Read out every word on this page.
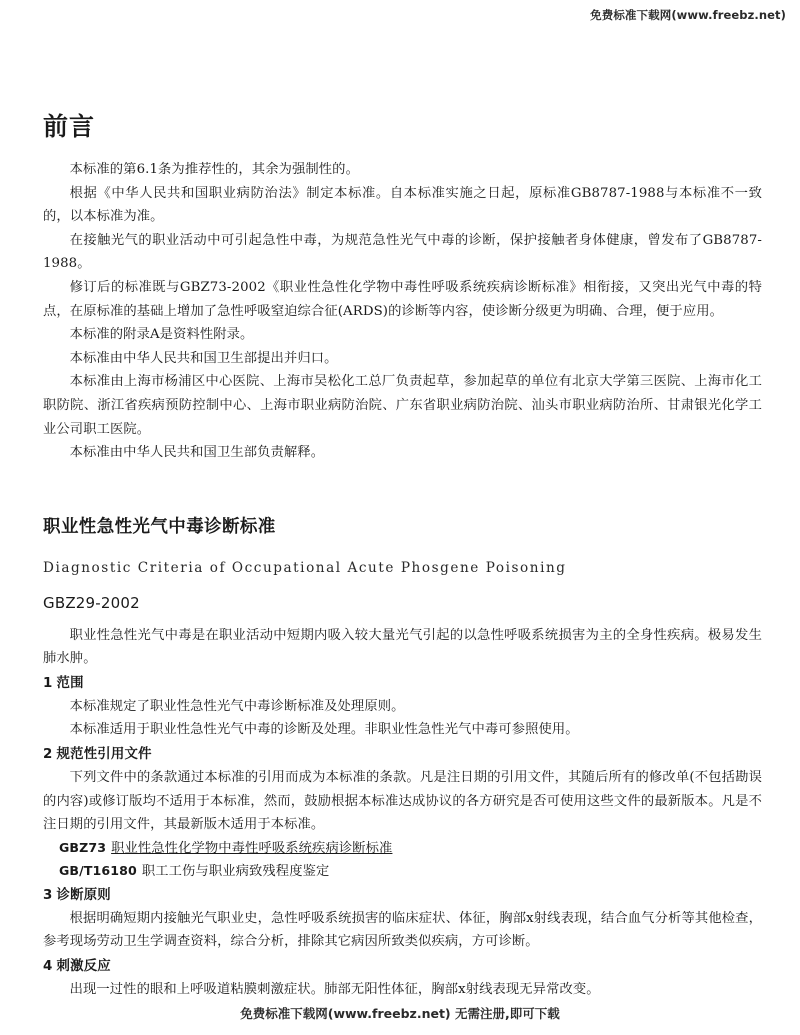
免费标准下载网(www.freebz.net)
前言

本标准的第6.1条为推荐性的，其余为强制性的。

根据《中华人民共和国职业病防治法》制定本标准。自本标准实施之日起，原标准GB8787-1988与本标准不一致的，以本标准为准。

在接触光气的职业活动中可引起急性中毒，为规范急性光气中毒的诊断，保护接触者身体健康，曾发布了GB8787-1988。

修订后的标准既与GBZ73-2002《职业性急性化学物中毒性呼吸系统疾病诊断标准》相衔接，又突出光气中毒的特点，在原标准的基础上增加了急性呼吸窒迫综合征(ARDS)的诊断等内容，使诊断分级更为明确、合理，便于应用。

本标准的附录A是资料性附录。

本标准由中华人民共和国卫生部提出并归口。

本标准由上海市杨浦区中心医院、上海市吴松化工总厂负责起草，参加起草的单位有北京大学第三医院、上海市化工职防院、浙江省疾病预防控制中心、上海市职业病防治院、广东省职业病防治院、汕头市职业病防治所、甘肃银光化学工业公司职工医院。

本标准由中华人民共和国卫生部负责解释。

职业性急性光气中毒诊断标准
Diagnostic Criteria of Occupational Acute Phosgene Poisoning
GBZ29-2002

职业性急性光气中毒是在职业活动中短期内吸入较大量光气引起的以急性呼吸系统损害为主的全身性疾病。极易发生肺水肿。

1 范围

本标准规定了职业性急性光气中毒诊断标准及处理原则。

本标准适用于职业性急性光气中毒的诊断及处理。非职业性急性光气中毒可参照使用。

2 规范性引用文件

下列文件中的条款通过本标准的引用而成为本标准的条款。凡是注日期的引用文件，其随后所有的修改单(不包括勘误的内容)或修订版均不适用于本标准，然而，鼓励根据本标准达成协议的各方研究是否可使用这些文件的最新版本。凡是不注日期的引用文件，其最新版木适用于本标准。

GBZ73 职业性急性化学物中毒性呼吸系统疾病诊断标准

GB/T16180 职工工伤与职业病致残程度鉴定

3 诊断原则

根据明确短期内接触光气职业史，急性呼吸系统损害的临床症状、体征，胸部x射线表现，结合血气分析等其他检查，参考现场劳动卫生学调查资料，综合分析，排除其它病因所致类似疾病，方可诊断。

4 刺激反应

出现一过性的眼和上呼吸道粘膜刺激症状。肺部无阳性体征，胸部x射线表现无异常改变。

免费标准下载网(www.freebz.net) 无需注册,即可下载
